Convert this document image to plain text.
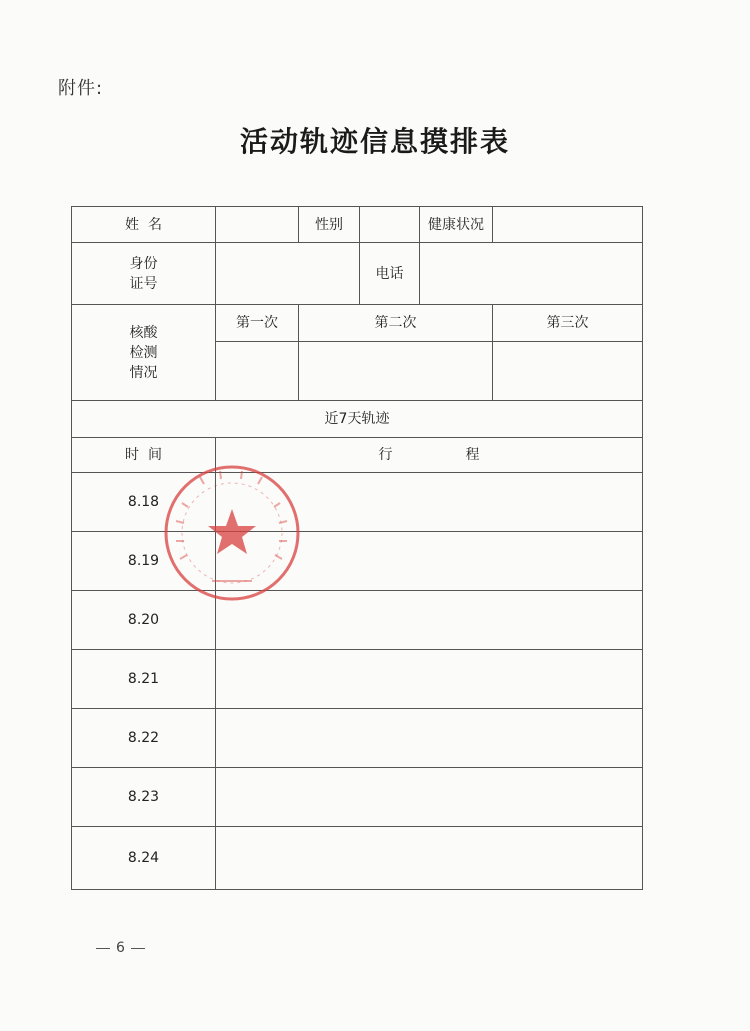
附件:
活动轨迹信息摸排表
姓  名		性别		健康状况	

身份
证号			电话		

核酸
检测
情况	第一次	第二次			第三次

近7天轨迹					
时  间	行 程				
8.18					
8.19					
8.20					
8.21					
8.22					
8.23					
8.24					
6
